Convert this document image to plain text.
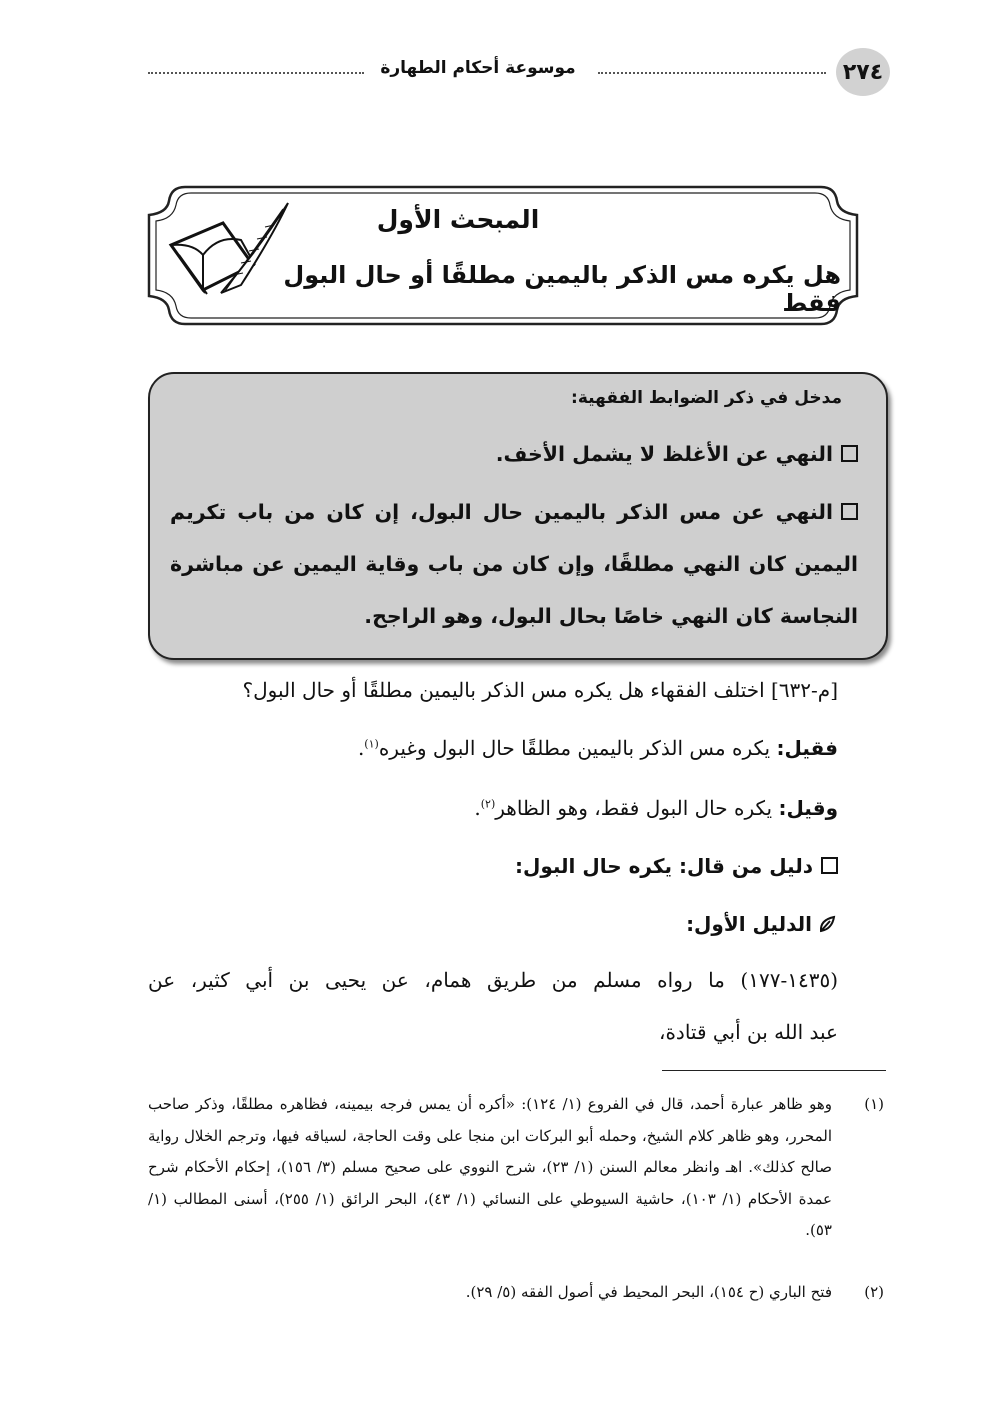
٢٧٤
موسوعة أحكام الطهارة
المبحث الأول
هل يكره مس الذكر باليمين مطلقًا أو حال البول فقط
مدخل في ذكر الضوابط الفقهية:
النهي عن الأغلظ لا يشمل الأخف.
النهي عن مس الذكر باليمين حال البول، إن كان من باب تكريم اليمين كان النهي مطلقًا، وإن كان من باب وقاية اليمين عن مباشرة النجاسة كان النهي خاصًا بحال البول، وهو الراجح.
[م-٦٣٢] اختلف الفقهاء هل يكره مس الذكر باليمين مطلقًا أو حال البول؟
فقيل: يكره مس الذكر باليمين مطلقًا حال البول وغيره$^{(١)}$.
وقيل: يكره حال البول فقط، وهو الظاهر$^{(٢)}$.
دليل من قال: يكره حال البول:
الدليل الأول:
(١٤٣٥-١٧٧) ما رواه مسلم من طريق همام، عن يحيى بن أبي كثير، عن
عبد الله بن أبي قتادة،
(١)
وهو ظاهر عبارة أحمد، قال في الفروع (١/ ١٢٤): «أكره أن يمس فرجه بيمينه، فظاهره مطلقًا، وذكر صاحب المحرر، وهو ظاهر كلام الشيخ، وحمله أبو البركات ابن منجا على وقت الحاجة، لسياقه فيها، وترجم الخلال رواية صالح كذلك». اهـ وانظر معالم السنن (١/ ٢٣)، شرح النووي على صحيح مسلم (٣/ ١٥٦)، إحكام الأحكام شرح عمدة الأحكام (١/ ١٠٣)، حاشية السيوطي على النسائي (١/ ٤٣)، البحر الرائق (١/ ٢٥٥)، أسنى المطالب (١/ ٥٣).
(٢)
فتح الباري (ح ١٥٤)، البحر المحيط في أصول الفقه (٥/ ٢٩).
